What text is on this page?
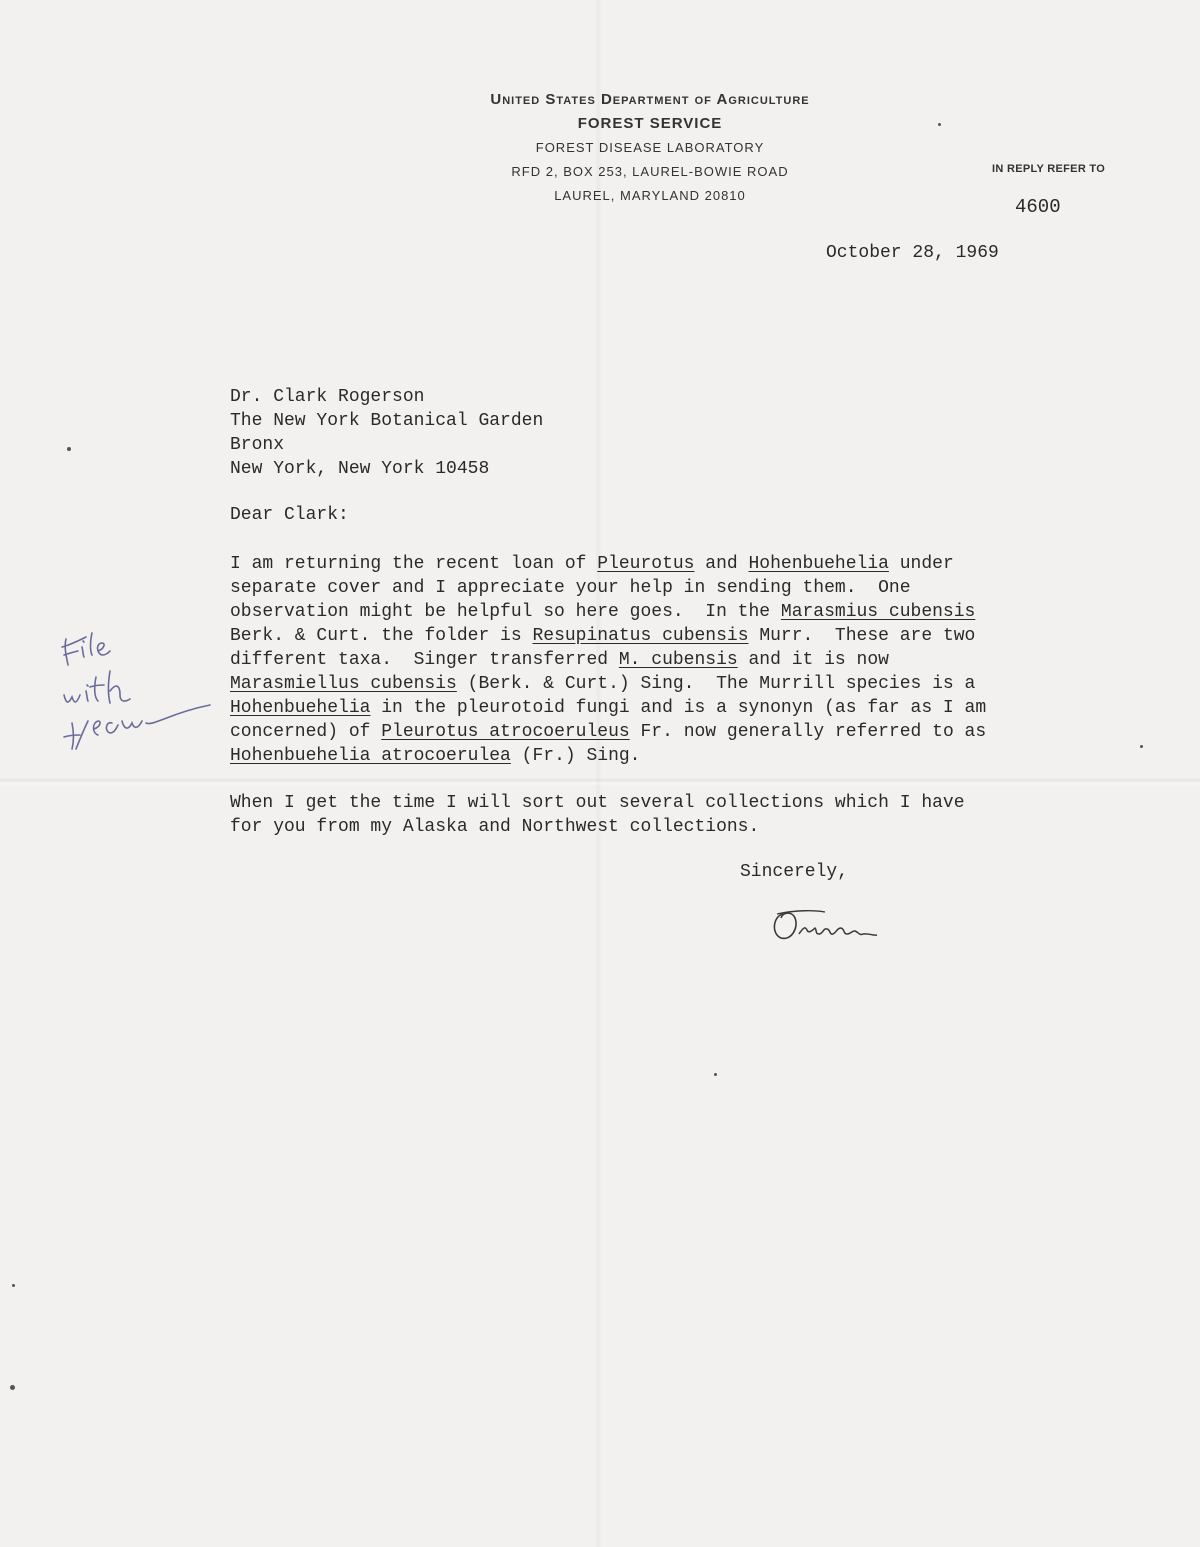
United States Department of Agriculture
FOREST SERVICE
FOREST DISEASE LABORATORY
RFD 2, BOX 253, LAUREL-BOWIE ROAD
LAUREL, MARYLAND 20810
IN REPLY REFER TO
4600
October 28, 1969
Dr. Clark Rogerson
The New York Botanical Garden
Bronx
New York, New York 10458
Dear Clark:
I am returning the recent loan of Pleurotus and Hohenbuehelia under
separate cover and I appreciate your help in sending them.  One
observation might be helpful so here goes.  In the Marasmius cubensis
Berk. & Curt. the folder is Resupinatus cubensis Murr.  These are two
different taxa.  Singer transferred M. cubensis and it is now
Marasmiellus cubensis (Berk. & Curt.) Sing.  The Murrill species is a
Hohenbuehelia in the pleurotoid fungi and is a synonyn (as far as I am
concerned) of Pleurotus atrocoeruleus Fr. now generally referred to as
Hohenbuehelia atrocoerulea (Fr.) Sing.
When I get the time I will sort out several collections which I have
for you from my Alaska and Northwest collections.
Sincerely,
